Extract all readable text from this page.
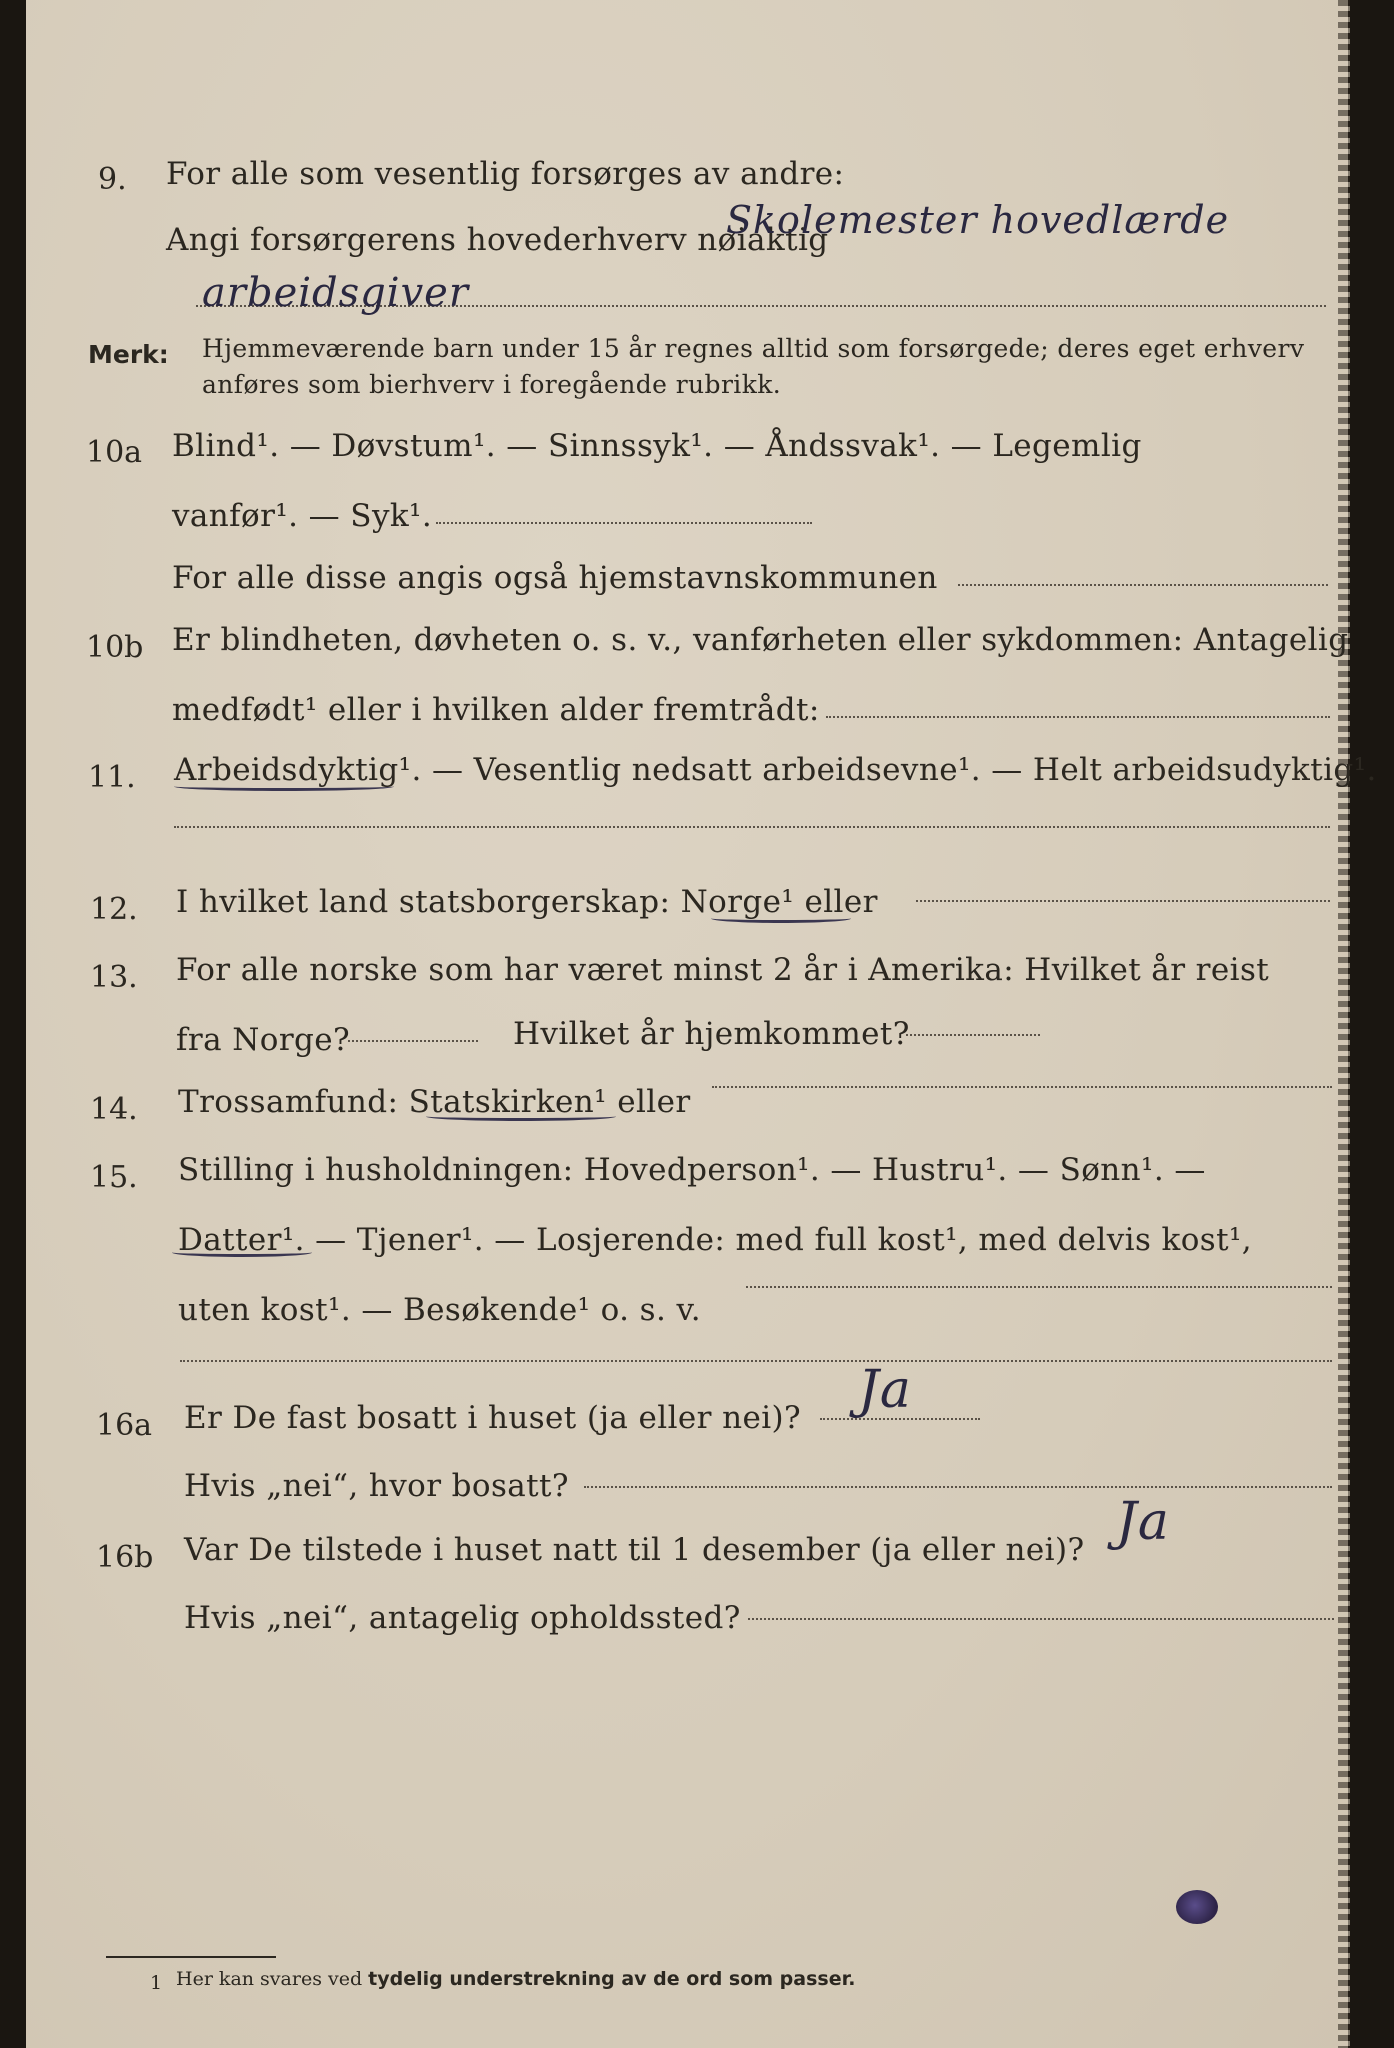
9. For alle som vesentlig forsørges av andre:
Angi forsørgerens hovederhverv nøiaktig
Skolemester hovedlærde
arbeidsgiver
Merk: Hjemmeværende barn under 15 år regnes alltid som forsørgede; deres eget erhverv
anføres som bierhverv i foregående rubrikk.
10a Blind¹. — Døvstum¹. — Sinnssyk¹. — Åndssvak¹. — Legemlig
vanfør¹. — Syk¹.
For alle disse angis også hjemstavnskommunen
10b Er blindheten, døvheten o. s. v., vanførheten eller sykdommen: Antagelig
medfødt¹ eller i hvilken alder fremtrådt:
11. Arbeidsdyktig¹. — Vesentlig nedsatt arbeidsevne¹. — Helt arbeidsudyktig¹.
12. I hvilket land statsborgerskap: Norge¹ eller
13. For alle norske som har været minst 2 år i Amerika: Hvilket år reist
fra Norge?	Hvilket år hjemkommet?
14. Trossamfund: Statskirken¹ eller
15. Stilling i husholdningen: Hovedperson¹. — Hustru¹. — Sønn¹. —
Datter¹. — Tjener¹. — Losjerende: med full kost¹, med delvis kost¹,
uten kost¹. — Besøkende¹ o. s. v.
16a Er De fast bosatt i huset (ja eller nei)? Ja
Hvis „nei“, hvor bosatt?
16b Var De tilstede i huset natt til 1 desember (ja eller nei)? Ja
Hvis „nei“, antagelig opholdssted?
1 Her kan svares ved tydelig understrekning av de ord som passer.
